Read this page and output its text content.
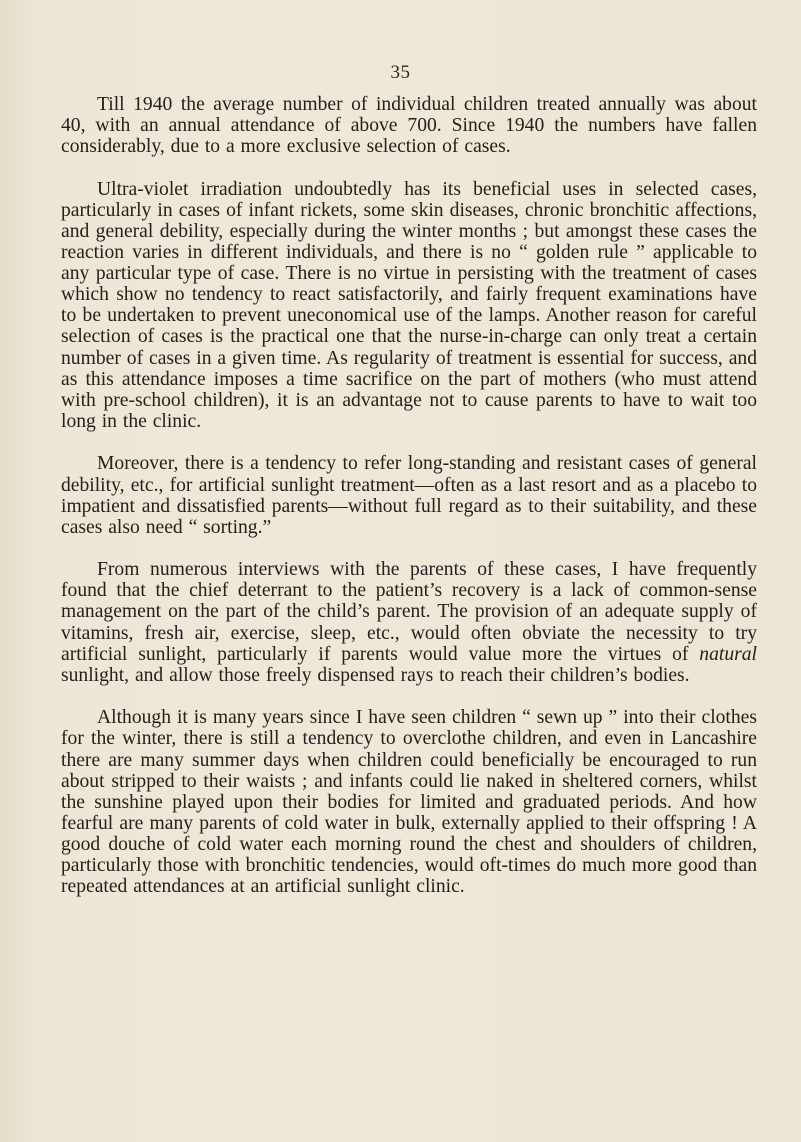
35

Till 1940 the average number of individual children treated annually was about 40, with an annual attendance of above 700. Since 1940 the numbers have fallen considerably, due to a more exclusive selection of cases.

Ultra-violet irradiation undoubtedly has its beneficial uses in selected cases, particularly in cases of infant rickets, some skin diseases, chronic bronchitic affections, and general debility, especially during the winter months ; but amongst these cases the reaction varies in different individuals, and there is no “ golden rule ” applicable to any particular type of case. There is no virtue in persisting with the treatment of cases which show no tendency to react satisfactorily, and fairly frequent examinations have to be undertaken to prevent uneconomical use of the lamps. Another reason for careful selection of cases is the practical one that the nurse-in-charge can only treat a certain number of cases in a given time. As regularity of treatment is essential for success, and as this attendance imposes a time sacrifice on the part of mothers (who must attend with pre-school children), it is an advantage not to cause parents to have to wait too long in the clinic.

Moreover, there is a tendency to refer long-standing and resistant cases of general debility, etc., for artificial sunlight treatment—often as a last resort and as a placebo to impatient and dissatisfied parents—without full regard as to their suitability, and these cases also need “ sorting.”

From numerous interviews with the parents of these cases, I have frequently found that the chief deterrant to the patient’s recovery is a lack of common-sense management on the part of the child’s parent. The provision of an adequate supply of vitamins, fresh air, exercise, sleep, etc., would often obviate the necessity to try artificial sunlight, particularly if parents would value more the virtues of natural sunlight, and allow those freely dispensed rays to reach their children’s bodies.

Although it is many years since I have seen children “ sewn up ” into their clothes for the winter, there is still a tendency to overclothe children, and even in Lancashire there are many summer days when children could beneficially be encouraged to run about stripped to their waists ; and infants could lie naked in sheltered corners, whilst the sunshine played upon their bodies for limited and graduated periods. And how fearful are many parents of cold water in bulk, externally applied to their offspring ! A good douche of cold water each morning round the chest and shoulders of children, particularly those with bronchitic tendencies, would oft-times do much more good than repeated attendances at an artificial sunlight clinic.
